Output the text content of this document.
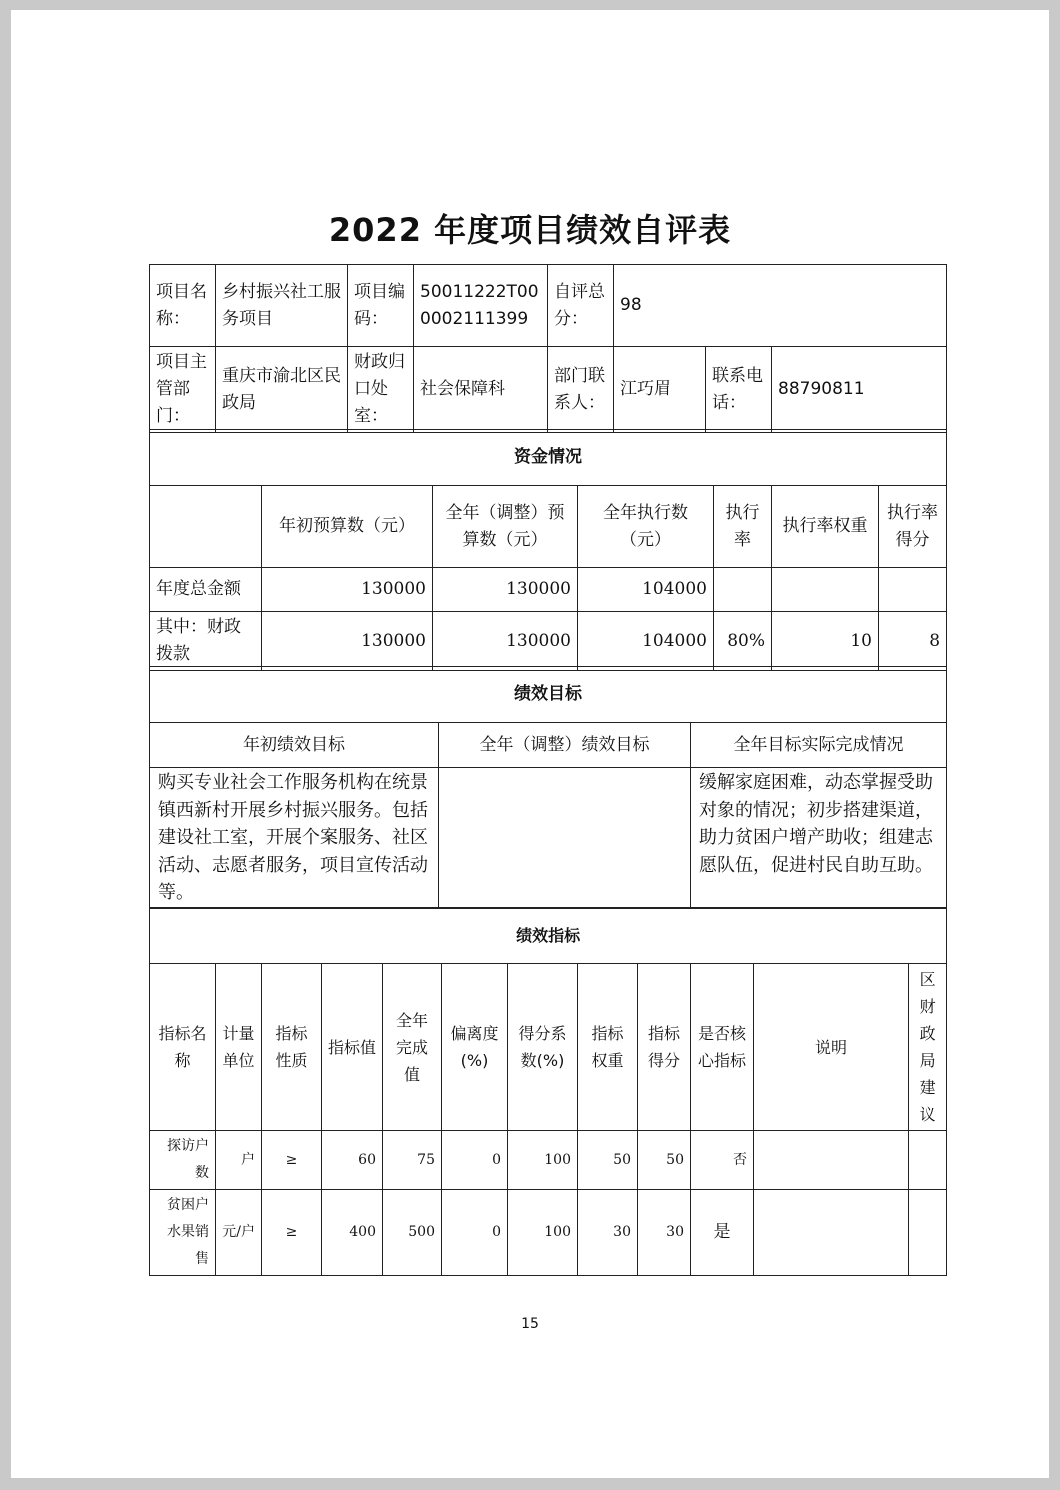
2022 年度项目绩效自评表
项目名称：	乡村振兴社工服务项目	项目编码：	50011222T000002111399	自评总分：	98		
项目主管部门：	重庆市渝北区民政局	财政归口处室：	社会保障科	部门联系人：	江巧眉	联系电话：	88790811
资金情况						
	年初预算数（元）	全年（调整）预算数（元）	全年执行数（元）	执行率	执行率权重	执行率得分
年度总金额	130000	130000	104000			
其中：财政拨款	130000	130000	104000	80%	10	8
绩效目标		
年初绩效目标	全年（调整）绩效目标	全年目标实际完成情况
购买专业社会工作服务机构在统景镇西新村开展乡村振兴服务。包括建设社工室，开展个案服务、社区活动、志愿者服务，项目宣传活动等。		缓解家庭困难，动态掌握受助对象的情况；初步搭建渠道，助力贫困户增产助收；组建志愿队伍，促进村民自助互助。
绩效指标											
指标名称	计量单位	指标性质	指标值	全年完成值	偏离度(%)	得分系数(%)	指标权重	指标得分	是否核心指标	说明	区财政局建议
探访户数	户	≥	60	75	0	100	50	50	否		
贫困户水果销售	元/户	≥	400	500	0	100	30	30	是		
15
